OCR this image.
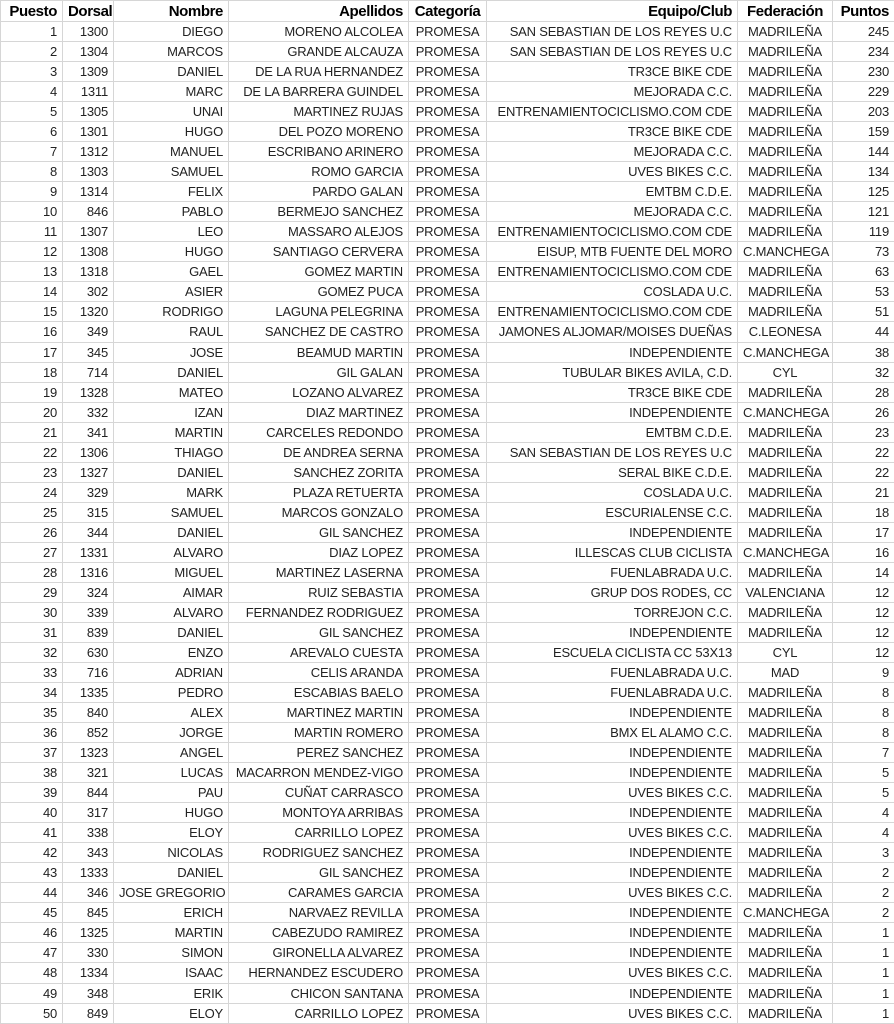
Puesto	Dorsal	Nombre	Apellidos	Categoría	Equipo/Club	Federación	Puntos
1	1300	DIEGO	MORENO ALCOLEA	PROMESA	SAN SEBASTIAN DE LOS REYES U.C	MADRILEÑA	245
2	1304	MARCOS	GRANDE ALCAUZA	PROMESA	SAN SEBASTIAN DE LOS REYES U.C	MADRILEÑA	234
3	1309	DANIEL	DE LA RUA HERNANDEZ	PROMESA	TR3CE BIKE CDE	MADRILEÑA	230
4	1311	MARC	DE LA BARRERA GUINDEL	PROMESA	MEJORADA C.C.	MADRILEÑA	229
5	1305	UNAI	MARTINEZ RUJAS	PROMESA	ENTRENAMIENTOCICLISMO.COM CDE	MADRILEÑA	203
6	1301	HUGO	DEL POZO MORENO	PROMESA	TR3CE BIKE CDE	MADRILEÑA	159
7	1312	MANUEL	ESCRIBANO ARINERO	PROMESA	MEJORADA C.C.	MADRILEÑA	144
8	1303	SAMUEL	ROMO GARCIA	PROMESA	UVES BIKES C.C.	MADRILEÑA	134
9	1314	FELIX	PARDO GALAN	PROMESA	EMTBM C.D.E.	MADRILEÑA	125
10	846	PABLO	BERMEJO SANCHEZ	PROMESA	MEJORADA C.C.	MADRILEÑA	121
11	1307	LEO	MASSARO ALEJOS	PROMESA	ENTRENAMIENTOCICLISMO.COM CDE	MADRILEÑA	119
12	1308	HUGO	SANTIAGO CERVERA	PROMESA	EISUP, MTB FUENTE DEL MORO	C.MANCHEGA	73
13	1318	GAEL	GOMEZ MARTIN	PROMESA	ENTRENAMIENTOCICLISMO.COM CDE	MADRILEÑA	63
14	302	ASIER	GOMEZ PUCA	PROMESA	COSLADA U.C.	MADRILEÑA	53
15	1320	RODRIGO	LAGUNA PELEGRINA	PROMESA	ENTRENAMIENTOCICLISMO.COM CDE	MADRILEÑA	51
16	349	RAUL	SANCHEZ DE CASTRO	PROMESA	JAMONES ALJOMAR/MOISES DUEÑAS	C.LEONESA	44
17	345	JOSE	BEAMUD MARTIN	PROMESA	INDEPENDIENTE	C.MANCHEGA	38
18	714	DANIEL	GIL GALAN	PROMESA	TUBULAR BIKES AVILA, C.D.	CYL	32
19	1328	MATEO	LOZANO ALVAREZ	PROMESA	TR3CE BIKE CDE	MADRILEÑA	28
20	332	IZAN	DIAZ MARTINEZ	PROMESA	INDEPENDIENTE	C.MANCHEGA	26
21	341	MARTIN	CARCELES REDONDO	PROMESA	EMTBM C.D.E.	MADRILEÑA	23
22	1306	THIAGO	DE ANDREA SERNA	PROMESA	SAN SEBASTIAN DE LOS REYES U.C	MADRILEÑA	22
23	1327	DANIEL	SANCHEZ ZORITA	PROMESA	SERAL BIKE C.D.E.	MADRILEÑA	22
24	329	MARK	PLAZA RETUERTA	PROMESA	COSLADA U.C.	MADRILEÑA	21
25	315	SAMUEL	MARCOS GONZALO	PROMESA	ESCURIALENSE C.C.	MADRILEÑA	18
26	344	DANIEL	GIL SANCHEZ	PROMESA	INDEPENDIENTE	MADRILEÑA	17
27	1331	ALVARO	DIAZ LOPEZ	PROMESA	ILLESCAS CLUB CICLISTA	C.MANCHEGA	16
28	1316	MIGUEL	MARTINEZ LASERNA	PROMESA	FUENLABRADA U.C.	MADRILEÑA	14
29	324	AIMAR	RUIZ SEBASTIA	PROMESA	GRUP DOS RODES, CC	VALENCIANA	12
30	339	ALVARO	FERNANDEZ RODRIGUEZ	PROMESA	TORREJON C.C.	MADRILEÑA	12
31	839	DANIEL	GIL SANCHEZ	PROMESA	INDEPENDIENTE	MADRILEÑA	12
32	630	ENZO	AREVALO CUESTA	PROMESA	ESCUELA CICLISTA CC 53X13	CYL	12
33	716	ADRIAN	CELIS ARANDA	PROMESA	FUENLABRADA U.C.	MAD	9
34	1335	PEDRO	ESCABIAS BAELO	PROMESA	FUENLABRADA U.C.	MADRILEÑA	8
35	840	ALEX	MARTINEZ MARTIN	PROMESA	INDEPENDIENTE	MADRILEÑA	8
36	852	JORGE	MARTIN ROMERO	PROMESA	BMX EL ALAMO C.C.	MADRILEÑA	8
37	1323	ANGEL	PEREZ SANCHEZ	PROMESA	INDEPENDIENTE	MADRILEÑA	7
38	321	LUCAS	MACARRON MENDEZ-VIGO	PROMESA	INDEPENDIENTE	MADRILEÑA	5
39	844	PAU	CUÑAT CARRASCO	PROMESA	UVES BIKES C.C.	MADRILEÑA	5
40	317	HUGO	MONTOYA ARRIBAS	PROMESA	INDEPENDIENTE	MADRILEÑA	4
41	338	ELOY	CARRILLO LOPEZ	PROMESA	UVES BIKES C.C.	MADRILEÑA	4
42	343	NICOLAS	RODRIGUEZ SANCHEZ	PROMESA	INDEPENDIENTE	MADRILEÑA	3
43	1333	DANIEL	GIL SANCHEZ	PROMESA	INDEPENDIENTE	MADRILEÑA	2
44	346	JOSE GREGORIO	CARAMES GARCIA	PROMESA	UVES BIKES C.C.	MADRILEÑA	2
45	845	ERICH	NARVAEZ REVILLA	PROMESA	INDEPENDIENTE	C.MANCHEGA	2
46	1325	MARTIN	CABEZUDO RAMIREZ	PROMESA	INDEPENDIENTE	MADRILEÑA	1
47	330	SIMON	GIRONELLA ALVAREZ	PROMESA	INDEPENDIENTE	MADRILEÑA	1
48	1334	ISAAC	HERNANDEZ ESCUDERO	PROMESA	UVES BIKES C.C.	MADRILEÑA	1
49	348	ERIK	CHICON SANTANA	PROMESA	INDEPENDIENTE	MADRILEÑA	1
50	849	ELOY	CARRILLO LOPEZ	PROMESA	UVES BIKES C.C.	MADRILEÑA	1
